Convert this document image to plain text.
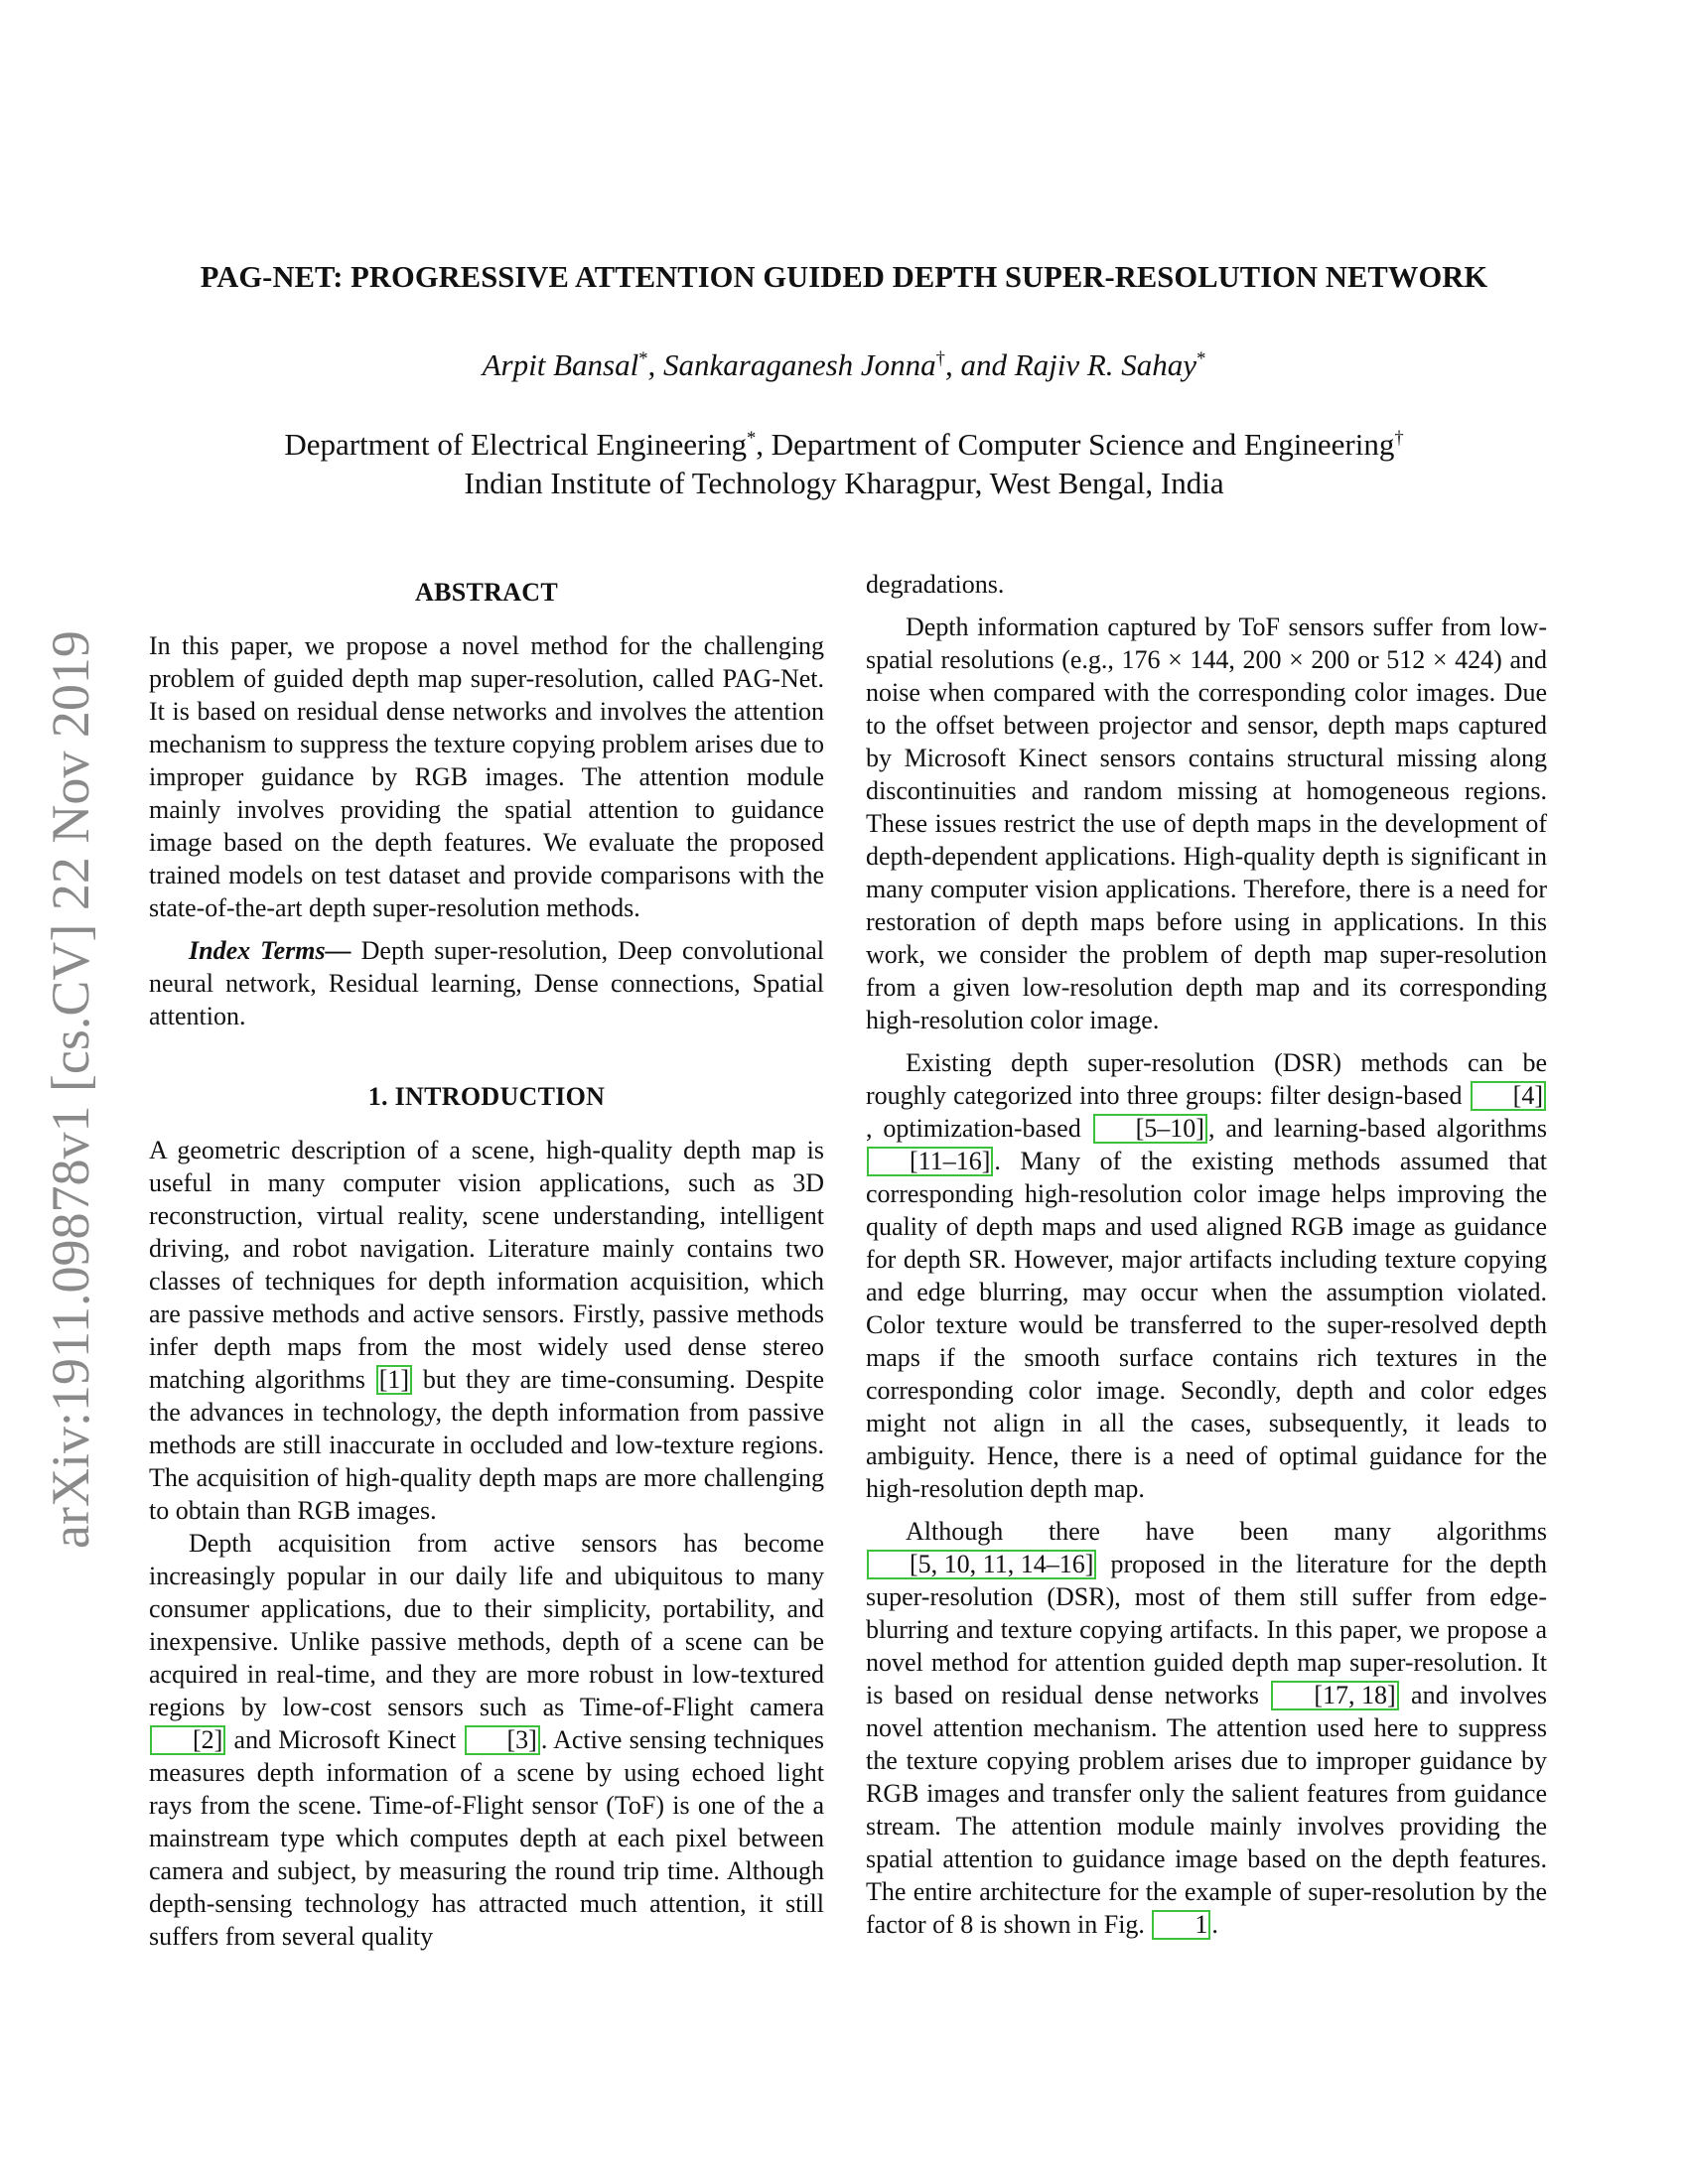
arXiv:1911.09878v1 [cs.CV] 22 Nov 2019
PAG-NET: PROGRESSIVE ATTENTION GUIDED DEPTH SUPER-RESOLUTION NETWORK
Arpit Bansal*, Sankaraganesh Jonna†, and Rajiv R. Sahay*
Department of Electrical Engineering*, Department of Computer Science and Engineering†
Indian Institute of Technology Kharagpur, West Bengal, India
ABSTRACT

In this paper, we propose a novel method for the challenging problem of guided depth map super-resolution, called PAG-Net. It is based on residual dense networks and involves the attention mechanism to suppress the texture copying problem arises due to improper guidance by RGB images. The attention module mainly involves providing the spatial attention to guidance image based on the depth features. We evaluate the proposed trained models on test dataset and provide comparisons with the state-of-the-art depth super-resolution methods.

Index Terms— Depth super-resolution, Deep convolutional neural network, Residual learning, Dense connections, Spatial attention.

1. INTRODUCTION

A geometric description of a scene, high-quality depth map is useful in many computer vision applications, such as 3D reconstruction, virtual reality, scene understanding, intelligent driving, and robot navigation. Literature mainly contains two classes of techniques for depth information acquisition, which are passive methods and active sensors. Firstly, passive methods infer depth maps from the most widely used dense stereo matching algorithms [1] but they are time-consuming. Despite the advances in technology, the depth information from passive methods are still inaccurate in occluded and low-texture regions. The acquisition of high-quality depth maps are more challenging to obtain than RGB images.

Depth acquisition from active sensors has become increasingly popular in our daily life and ubiquitous to many consumer applications, due to their simplicity, portability, and inexpensive. Unlike passive methods, depth of a scene can be acquired in real-time, and they are more robust in low-textured regions by low-cost sensors such as Time-of-Flight camera [2] and Microsoft Kinect [3] . Active sensing techniques measures depth information of a scene by using echoed light rays from the scene. Time-of-Flight sensor (ToF) is one of the a mainstream type which computes depth at each pixel between camera and subject, by measuring the round trip time. Although depth-sensing technology has attracted much attention, it still suffers from several quality

degradations.

Depth information captured by ToF sensors suffer from low-spatial resolutions (e.g., 176 × 144, 200 × 200 or 512 × 424) and noise when compared with the corresponding color images. Due to the offset between projector and sensor, depth maps captured by Microsoft Kinect sensors contains structural missing along discontinuities and random missing at homogeneous regions. These issues restrict the use of depth maps in the development of depth-dependent applications. High-quality depth is significant in many computer vision applications. Therefore, there is a need for restoration of depth maps before using in applications. In this work, we consider the problem of depth map super-resolution from a given low-resolution depth map and its corresponding high-resolution color image.

Existing depth super-resolution (DSR) methods can be roughly categorized into three groups: filter design-based [4], optimization-based [5–10] , and learning-based algorithms [11–16] . Many of the existing methods assumed that corresponding high-resolution color image helps improving the quality of depth maps and used aligned RGB image as guidance for depth SR. However, major artifacts including texture copying and edge blurring, may occur when the assumption violated. Color texture would be transferred to the super-resolved depth maps if the smooth surface contains rich textures in the corresponding color image. Secondly, depth and color edges might not align in all the cases, subsequently, it leads to ambiguity. Hence, there is a need of optimal guidance for the high-resolution depth map.

Although there have been many algorithms [5, 10, 11, 14–16] proposed in the literature for the depth super-resolution (DSR), most of them still suffer from edge-blurring and texture copying artifacts. In this paper, we propose a novel method for attention guided depth map super-resolution. It is based on residual dense networks [17, 18] and involves novel attention mechanism. The attention used here to suppress the texture copying problem arises due to improper guidance by RGB images and transfer only the salient features from guidance stream. The attention module mainly involves providing the spatial attention to guidance image based on the depth features. The entire architecture for the example of super-resolution by the factor of 8 is shown in Fig. 1 .
